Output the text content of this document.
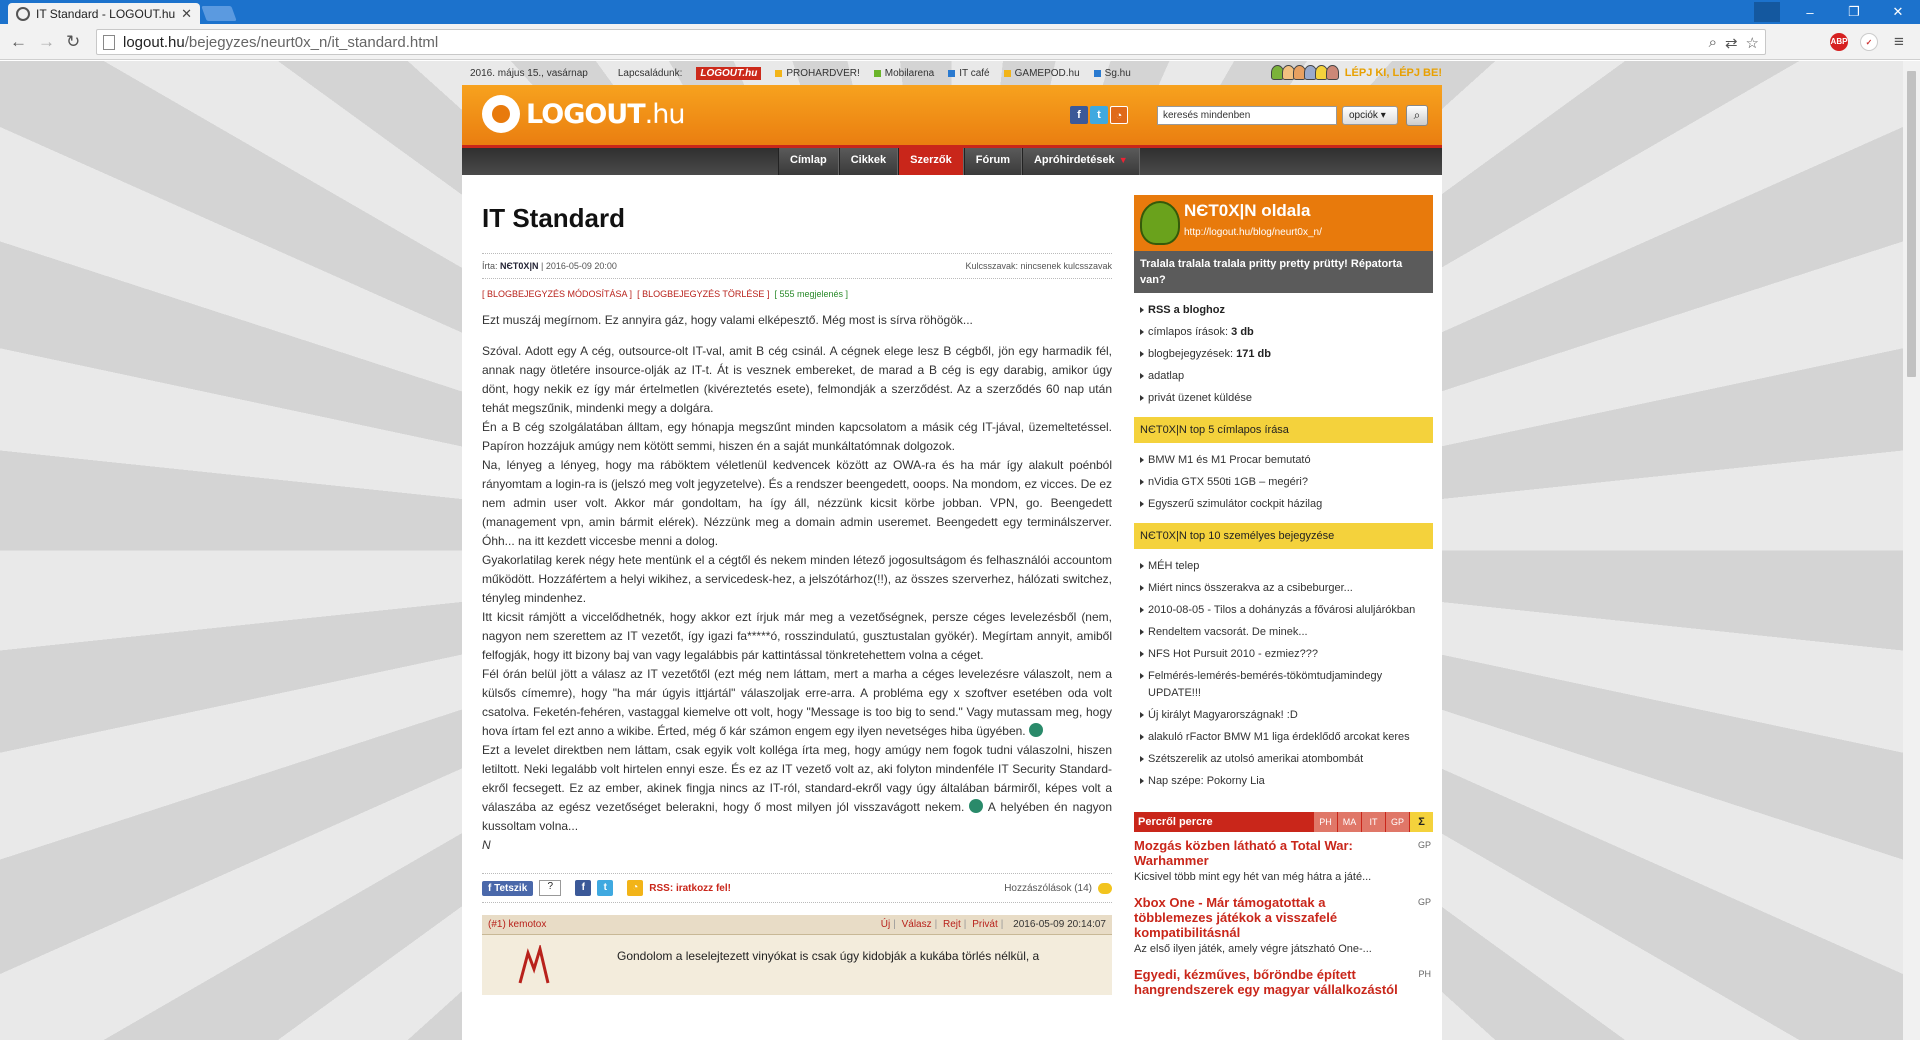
IT Standard - LOGOUT.hu ✕	–	❐	✕
← → ↻	logout.hu/bejegyzes/neurt0x_n/it_standard.html	⌕ ⇄ ☆	ABP	✓	≡
2016. május 15., vasárnap	Lapcsaládunk:	LOGOUT.hu	PROHARDVER!	Mobilarena	IT café	GAMEPOD.hu	Sg.hu	LÉPJ KI, LÉPJ BE!
LOGOUT.hu	f	t	◔
keresés mindenben	opciók ▾	⌕
Címlap	Cikkek	Szerzők	Fórum	Apróhirdetések ▼
IT Standard
Írta: NЄT0X|N | 2016-05-09 20:00	Kulcsszavak: nincsenek kulcsszavak
[ BLOGBEJEGYZÉS MÓDOSÍTÁSA ] [ BLOGBEJEGYZÉS TÖRLÉSE ] [ 555 megjelenés ]

Ezt muszáj megírnom. Ez annyira gáz, hogy valami elképesztő. Még most is sírva röhögök...

Szóval. Adott egy A cég, outsource-olt IT-val, amit B cég csinál. A cégnek elege lesz B cégből, jön egy harmadik fél, annak nagy ötletére insource-olják az IT-t. Át is vesznek embereket, de marad a B cég is egy darabig, amikor úgy dönt, hogy nekik ez így már értelmetlen (kivéreztetés esete), felmondják a szerződést. Az a szerződés 60 nap után tehát megszűnik, mindenki megy a dolgára.

Én a B cég szolgálatában álltam, egy hónapja megszűnt minden kapcsolatom a másik cég IT-jával, üzemeltetéssel. Papíron hozzájuk amúgy nem kötött semmi, hiszen én a saját munkáltatómnak dolgozok.

Na, lényeg a lényeg, hogy ma ráböktem véletlenül kedvencek között az OWA-ra és ha már így alakult poénból rányomtam a login-ra is (jelszó meg volt jegyzetelve). És a rendszer beengedett, ooops. Na mondom, ez vicces. De ez nem admin user volt. Akkor már gondoltam, ha így áll, nézzünk kicsit körbe jobban. VPN, go. Beengedett (management vpn, amin bármit elérek). Nézzünk meg a domain admin useremet. Beengedett egy terminálszerver. Óhh... na itt kezdett viccesbe menni a dolog.

Gyakorlatilag kerek négy hete mentünk el a cégtől és nekem minden létező jogosultságom és felhasználói accountom működött. Hozzáfértem a helyi wikihez, a servicedesk-hez, a jelszótárhoz(!!), az összes szerverhez, hálózati switchez, tényleg mindenhez.

Itt kicsit rámjött a viccelődhetnék, hogy akkor ezt írjuk már meg a vezetőségnek, persze céges levelezésből (nem, nagyon nem szerettem az IT vezetőt, így igazi fa*****ó, rosszindulatú, gusztustalan gyökér). Megírtam annyit, amiből felfogják, hogy itt bizony baj van vagy legalábbis pár kattintással tönkretehettem volna a céget.

Fél órán belül jött a válasz az IT vezetőtől (ezt még nem láttam, mert a marha a céges levelezésre válaszolt, nem a külsős címemre), hogy "ha már úgyis ittjártál" válaszoljak erre-arra. A probléma egy x szoftver esetében oda volt csatolva. Feketén-fehéren, vastaggal kiemelve ott volt, hogy "Message is too big to send." Vagy mutassam meg, hogy hova írtam fel ezt anno a wikibe. Érted, még ő kár számon engem egy ilyen nevetséges hiba ügyében.

Ezt a levelet direktben nem láttam, csak egyik volt kolléga írta meg, hogy amúgy nem fogok tudni válaszolni, hiszen letiltott. Neki legalább volt hirtelen ennyi esze. És ez az IT vezető volt az, aki folyton mindenféle IT Security Standard-ekről fecsegett. Ez az ember, akinek fingja nincs az IT-ról, standard-ekről vagy úgy általában bármiről, képes volt a válaszába az egész vezetőséget belerakni, hogy ő most milyen jól visszavágott nekem. A helyében én nagyon kussoltam volna...

N

f Tetszik	?	f	t	◔	RSS: iratkozz fel!	Hozzászólások (14)
(#1) kemotox	Új | Válasz | Rejt | Privát | 2016-05-09 20:14:07
Gondolom a leselejtezett vinyókat is csak úgy kidobják a kukába törlés nélkül, a
NЄT0X|N oldala
http://logout.hu/blog/neurt0x_n/
Tralala tralala tralala pritty pretty prütty! Répatorta van?
RSS a bloghoz
címlapos írások: 3 db
blogbejegyzések: 171 db
adatlap
privát üzenet küldése
NЄT0X|N top 5 címlapos írása
BMW M1 és M1 Procar bemutató
nVidia GTX 550ti 1GB – megéri?
Egyszerű szimulátor cockpit házilag
NЄT0X|N top 10 személyes bejegyzése
MÉH telep
Miért nincs összerakva az a csibeburger...
2010-08-05 - Tilos a dohányzás a fővárosi aluljárókban
Rendeltem vacsorát. De minek...
NFS Hot Pursuit 2010 - ezmiez???
Felmérés-lemérés-bemérés-tökömtudjamindegy UPDATE!!!
Új királyt Magyarországnak! :D
alakuló rFactor BMW M1 liga érdeklődő arcokat keres
Szétszerelik az utolsó amerikai atombombát
Nap szépe: Pokorny Lia
Percről percre	PH	MA	IT	GP	Σ
Mozgás közben látható a Total War: Warhammer
Kicsivel több mint egy hét van még hátra a játé...
GP
Xbox One - Már támogatottak a többlemezes játékok a visszafelé kompatibilitásnál
Az első ilyen játék, amely végre játszható One-...
GP
Egyedi, kézműves, bőröndbe épített hangrendszerek egy magyar vállalkozástól
PH
